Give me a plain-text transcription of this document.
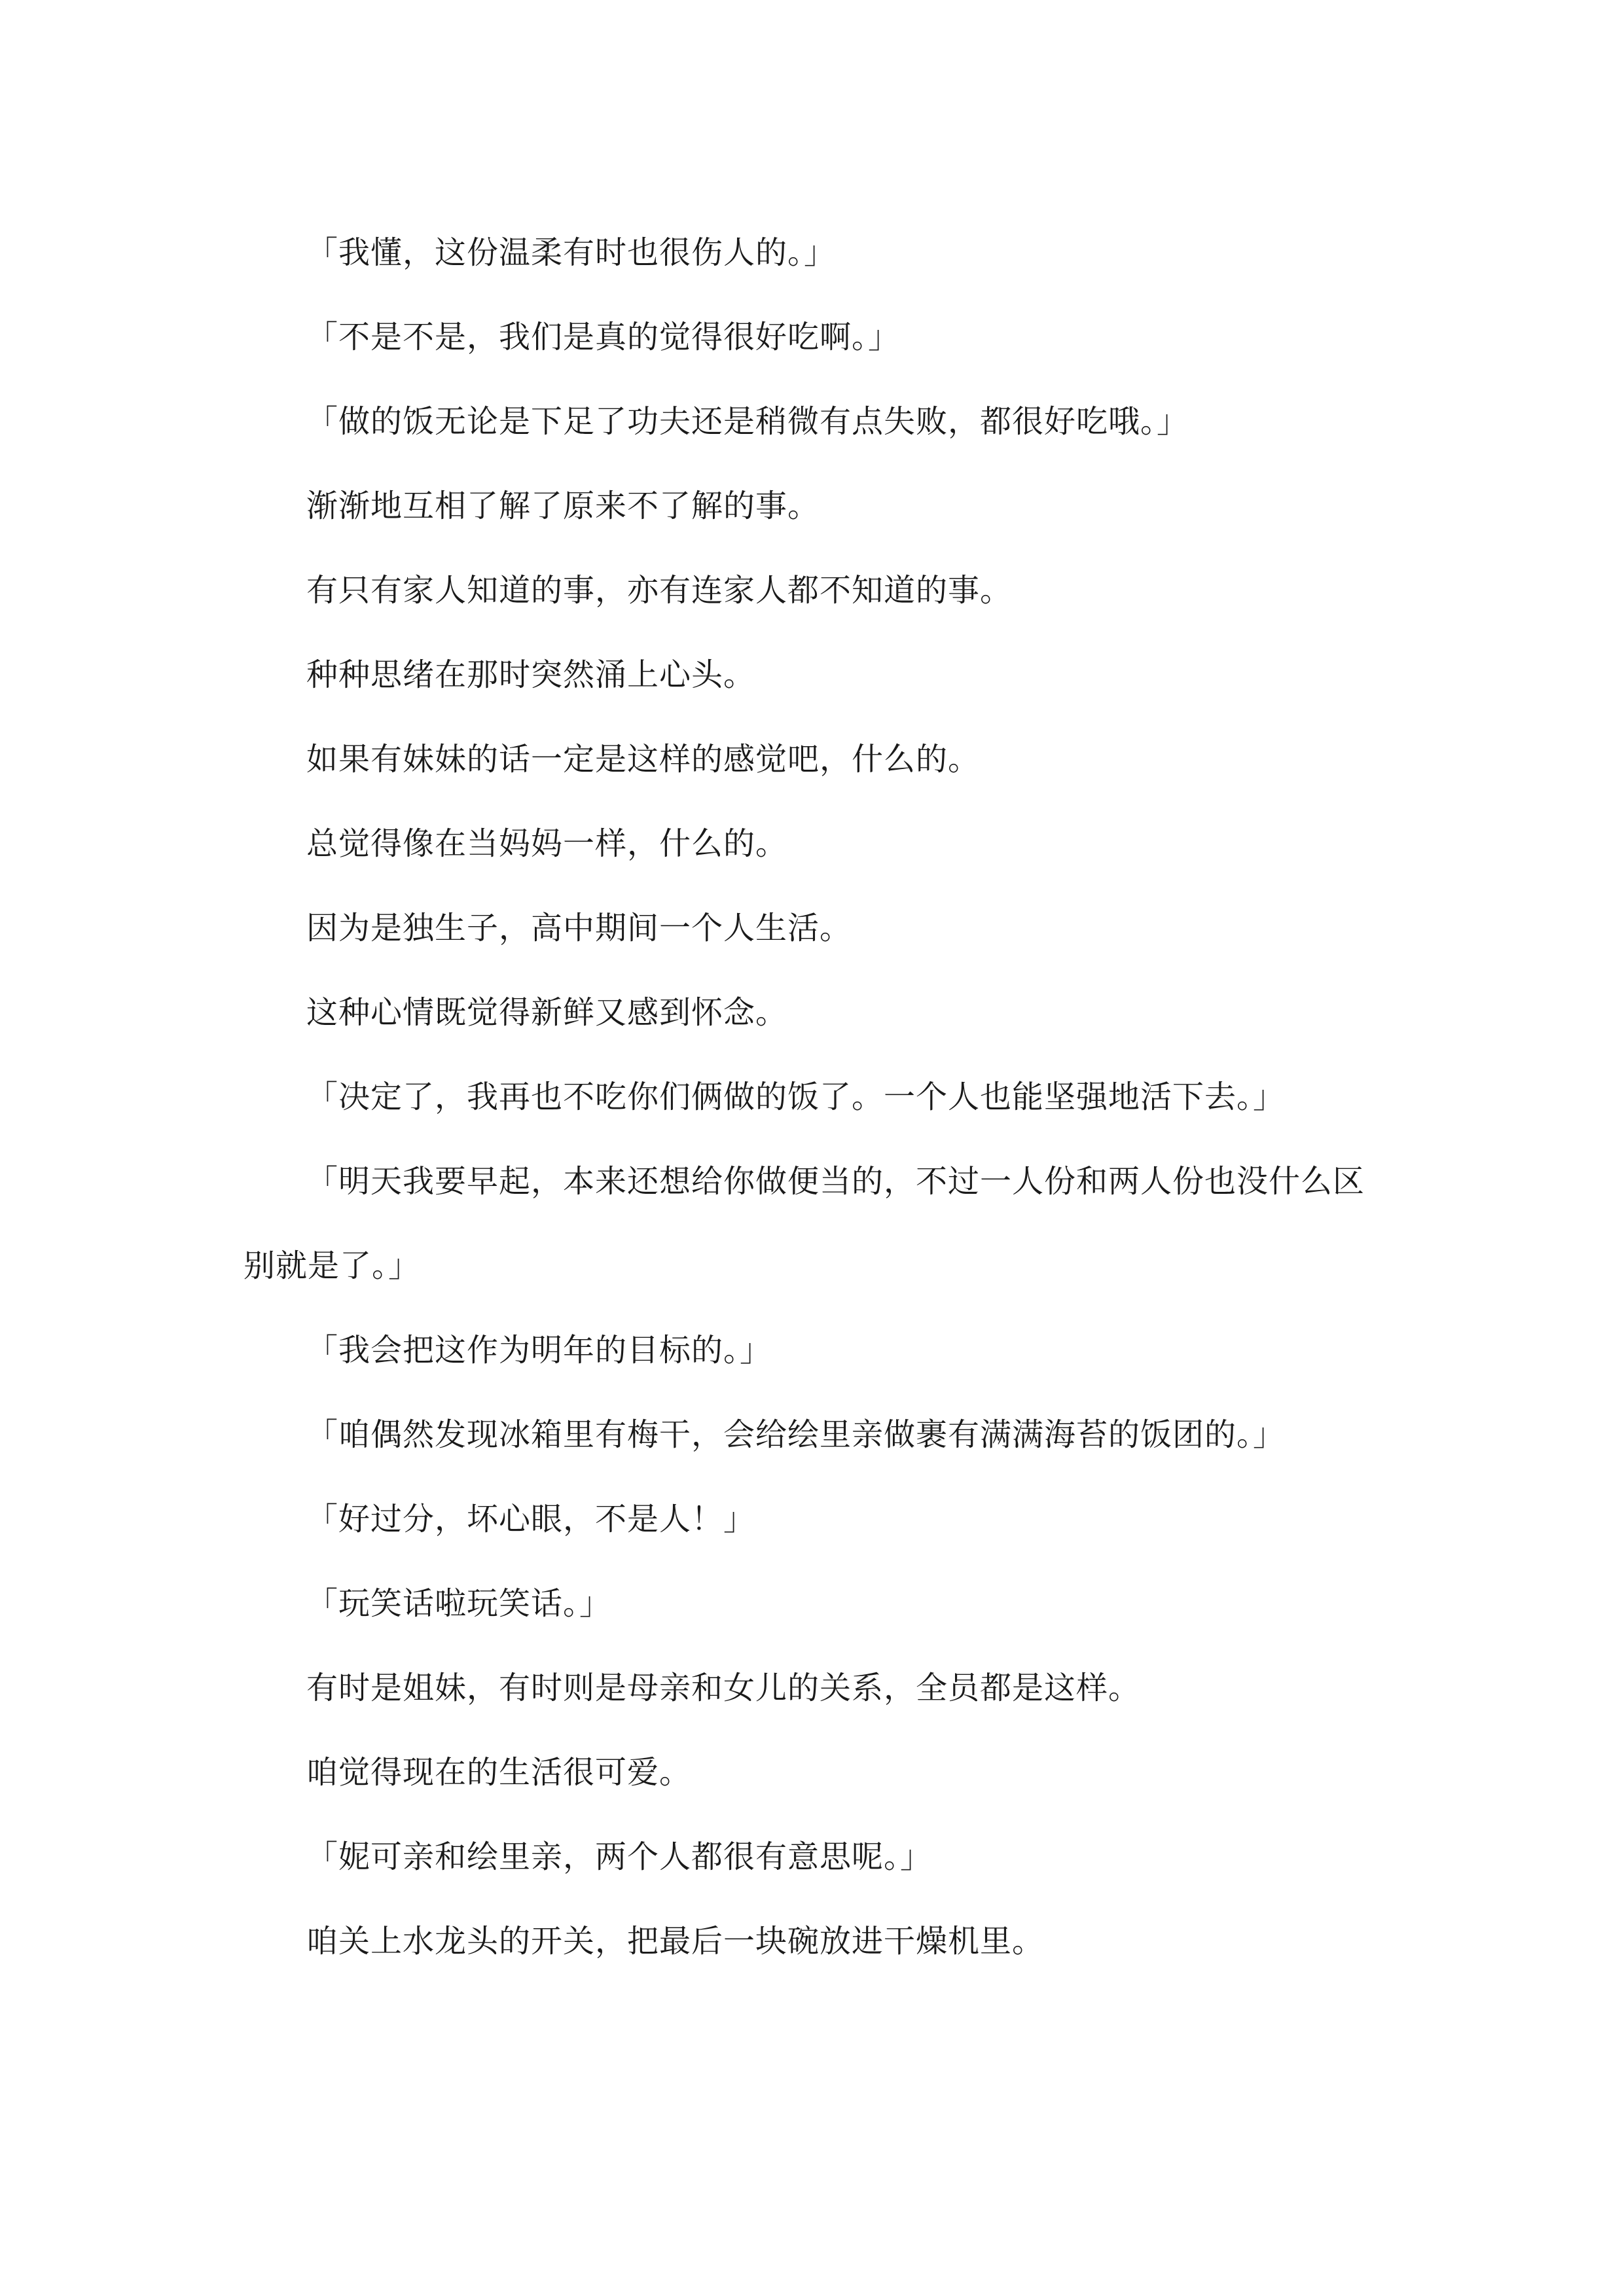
「我懂，这份温柔有时也很伤人的。」

「不是不是，我们是真的觉得很好吃啊。」

「做的饭无论是下足了功夫还是稍微有点失败，都很好吃哦。」

渐渐地互相了解了原来不了解的事。

有只有家人知道的事，亦有连家人都不知道的事。

种种思绪在那时突然涌上心头。

如果有妹妹的话一定是这样的感觉吧，什么的。

总觉得像在当妈妈一样，什么的。

因为是独生子，高中期间一个人生活。

这种心情既觉得新鲜又感到怀念。

「决定了，我再也不吃你们俩做的饭了。一个人也能坚强地活下去。」

「明天我要早起，本来还想给你做便当的，不过一人份和两人份也没什么区别就是了。」

「我会把这作为明年的目标的。」

「咱偶然发现冰箱里有梅干，会给绘里亲做裹有满满海苔的饭团的。」

「好过分，坏心眼，不是人！」

「玩笑话啦玩笑话。」

有时是姐妹，有时则是母亲和女儿的关系，全员都是这样。

咱觉得现在的生活很可爱。

「妮可亲和绘里亲，两个人都很有意思呢。」

咱关上水龙头的开关，把最后一块碗放进干燥机里。
